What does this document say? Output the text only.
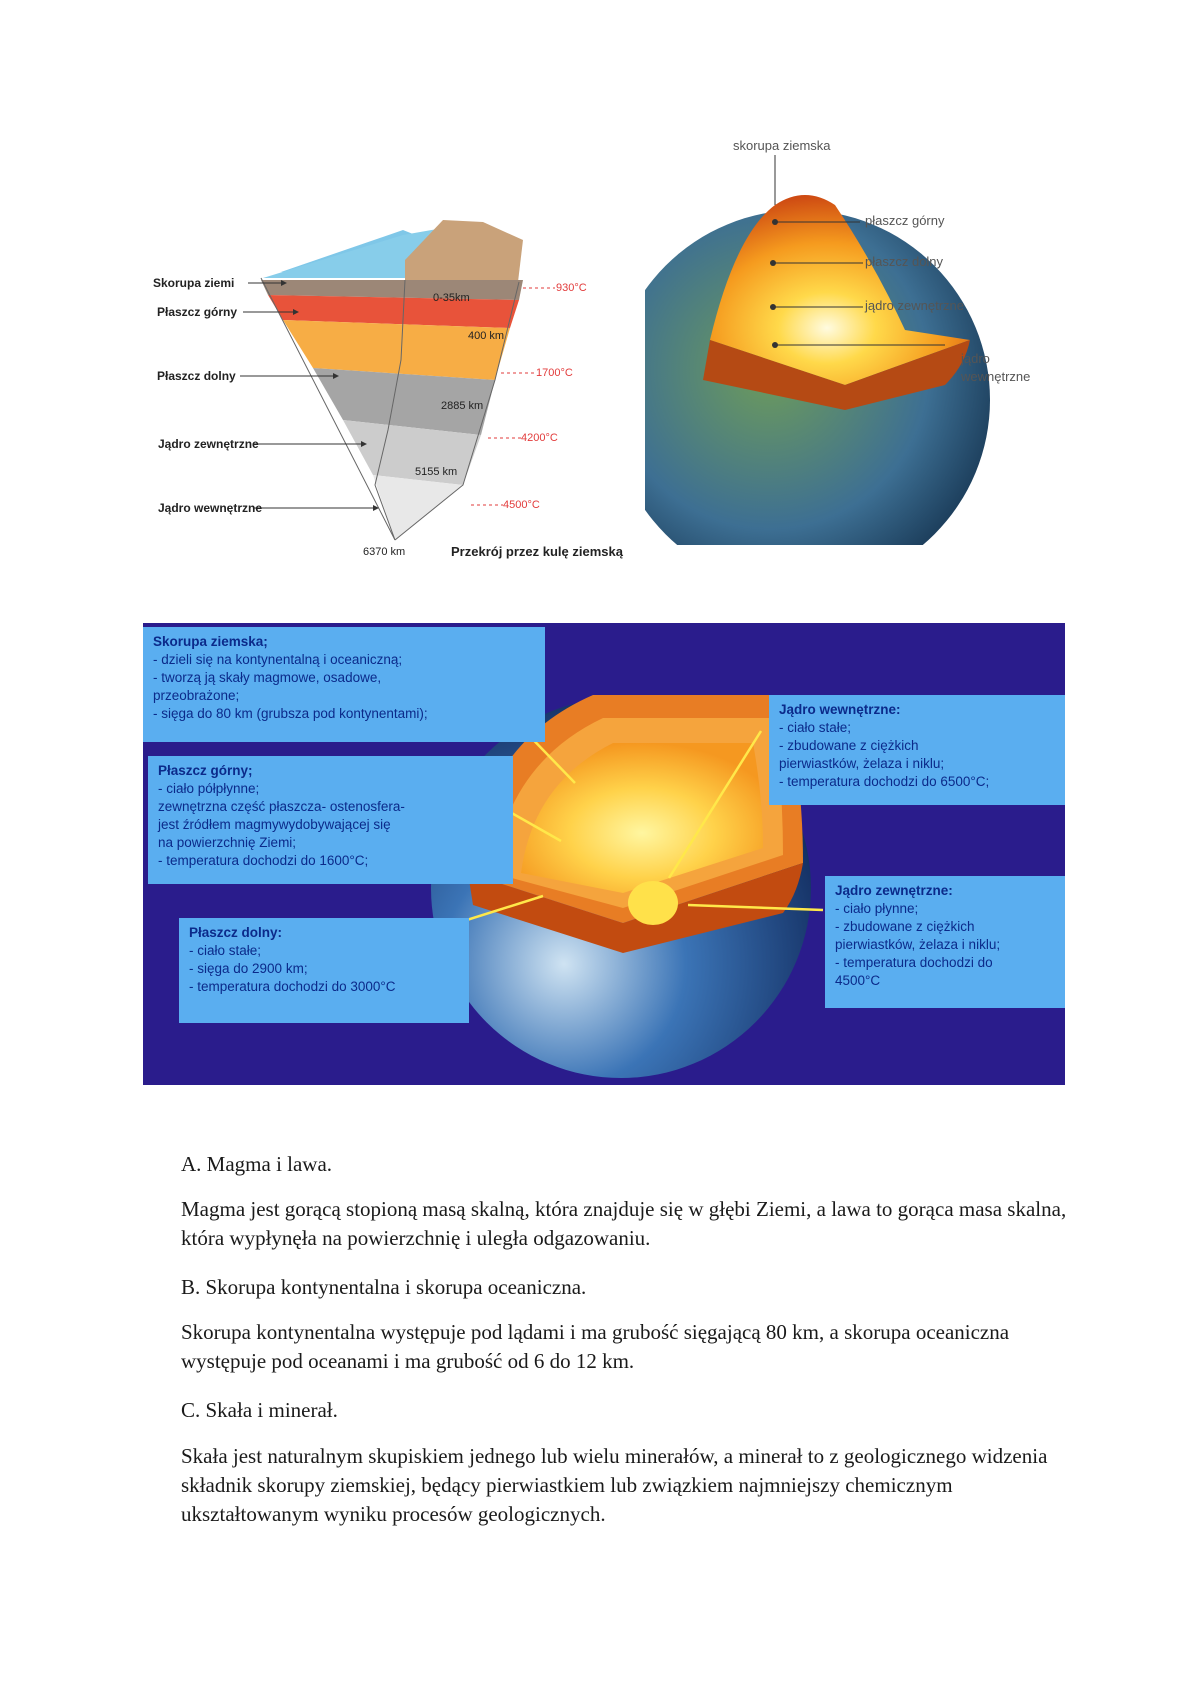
Skorupa ziemi
Płaszcz górny
Płaszcz dolny
Jądro zewnętrzne
Jądro wewnętrzne
0-35km
400 km
2885 km
5155 km
6370 km
930°C
1700°C
4200°C
4500°C
Przekrój przez kulę ziemską
skorupa ziemska
płaszcz górny
płaszcz dolny
jądro zewnętrzne
jądro
wewnętrzne
Skorupa ziemska;
- dzieli się na kontynentalną i oceaniczną;
- tworzą ją skały magmowe, osadowe,
przeobrażone;
- sięga do 80 km (grubsza pod kontynentami);
Płaszcz górny;
- ciało półpłynne;
zewnętrzna część płaszcza- ostenosfera-
jest źródłem magmywydobywającej się
na powierzchnię Ziemi;
- temperatura dochodzi do 1600°C;
Płaszcz dolny:
- ciało stałe;
- sięga do 2900 km;
- temperatura dochodzi do 3000°C
Jądro wewnętrzne:
- ciało stałe;
- zbudowane z ciężkich
pierwiastków, żelaza i niklu;
- temperatura dochodzi do 6500°C;
Jądro zewnętrzne:
- ciało płynne;
- zbudowane z ciężkich
pierwiastków, żelaza i niklu;
- temperatura dochodzi do
4500°C
A. Magma i lawa.
Magma jest gorącą stopioną masą skalną, która znajduje się w głębi Ziemi, a lawa to gorąca masa skalna, która wypłynęła na powierzchnię i uległa odgazowaniu.
B. Skorupa kontynentalna i skorupa oceaniczna.
Skorupa kontynentalna występuje pod lądami i ma grubość sięgającą 80 km, a skorupa oceaniczna występuje pod oceanami i ma grubość od 6 do 12 km.
C. Skała i minerał.
Skała jest naturalnym skupiskiem jednego lub wielu minerałów, a minerał to z geologicznego widzenia składnik skorupy ziemskiej, będący pierwiastkiem lub związkiem najmniejszy chemicznym ukształtowanym wyniku procesów geologicznych.
